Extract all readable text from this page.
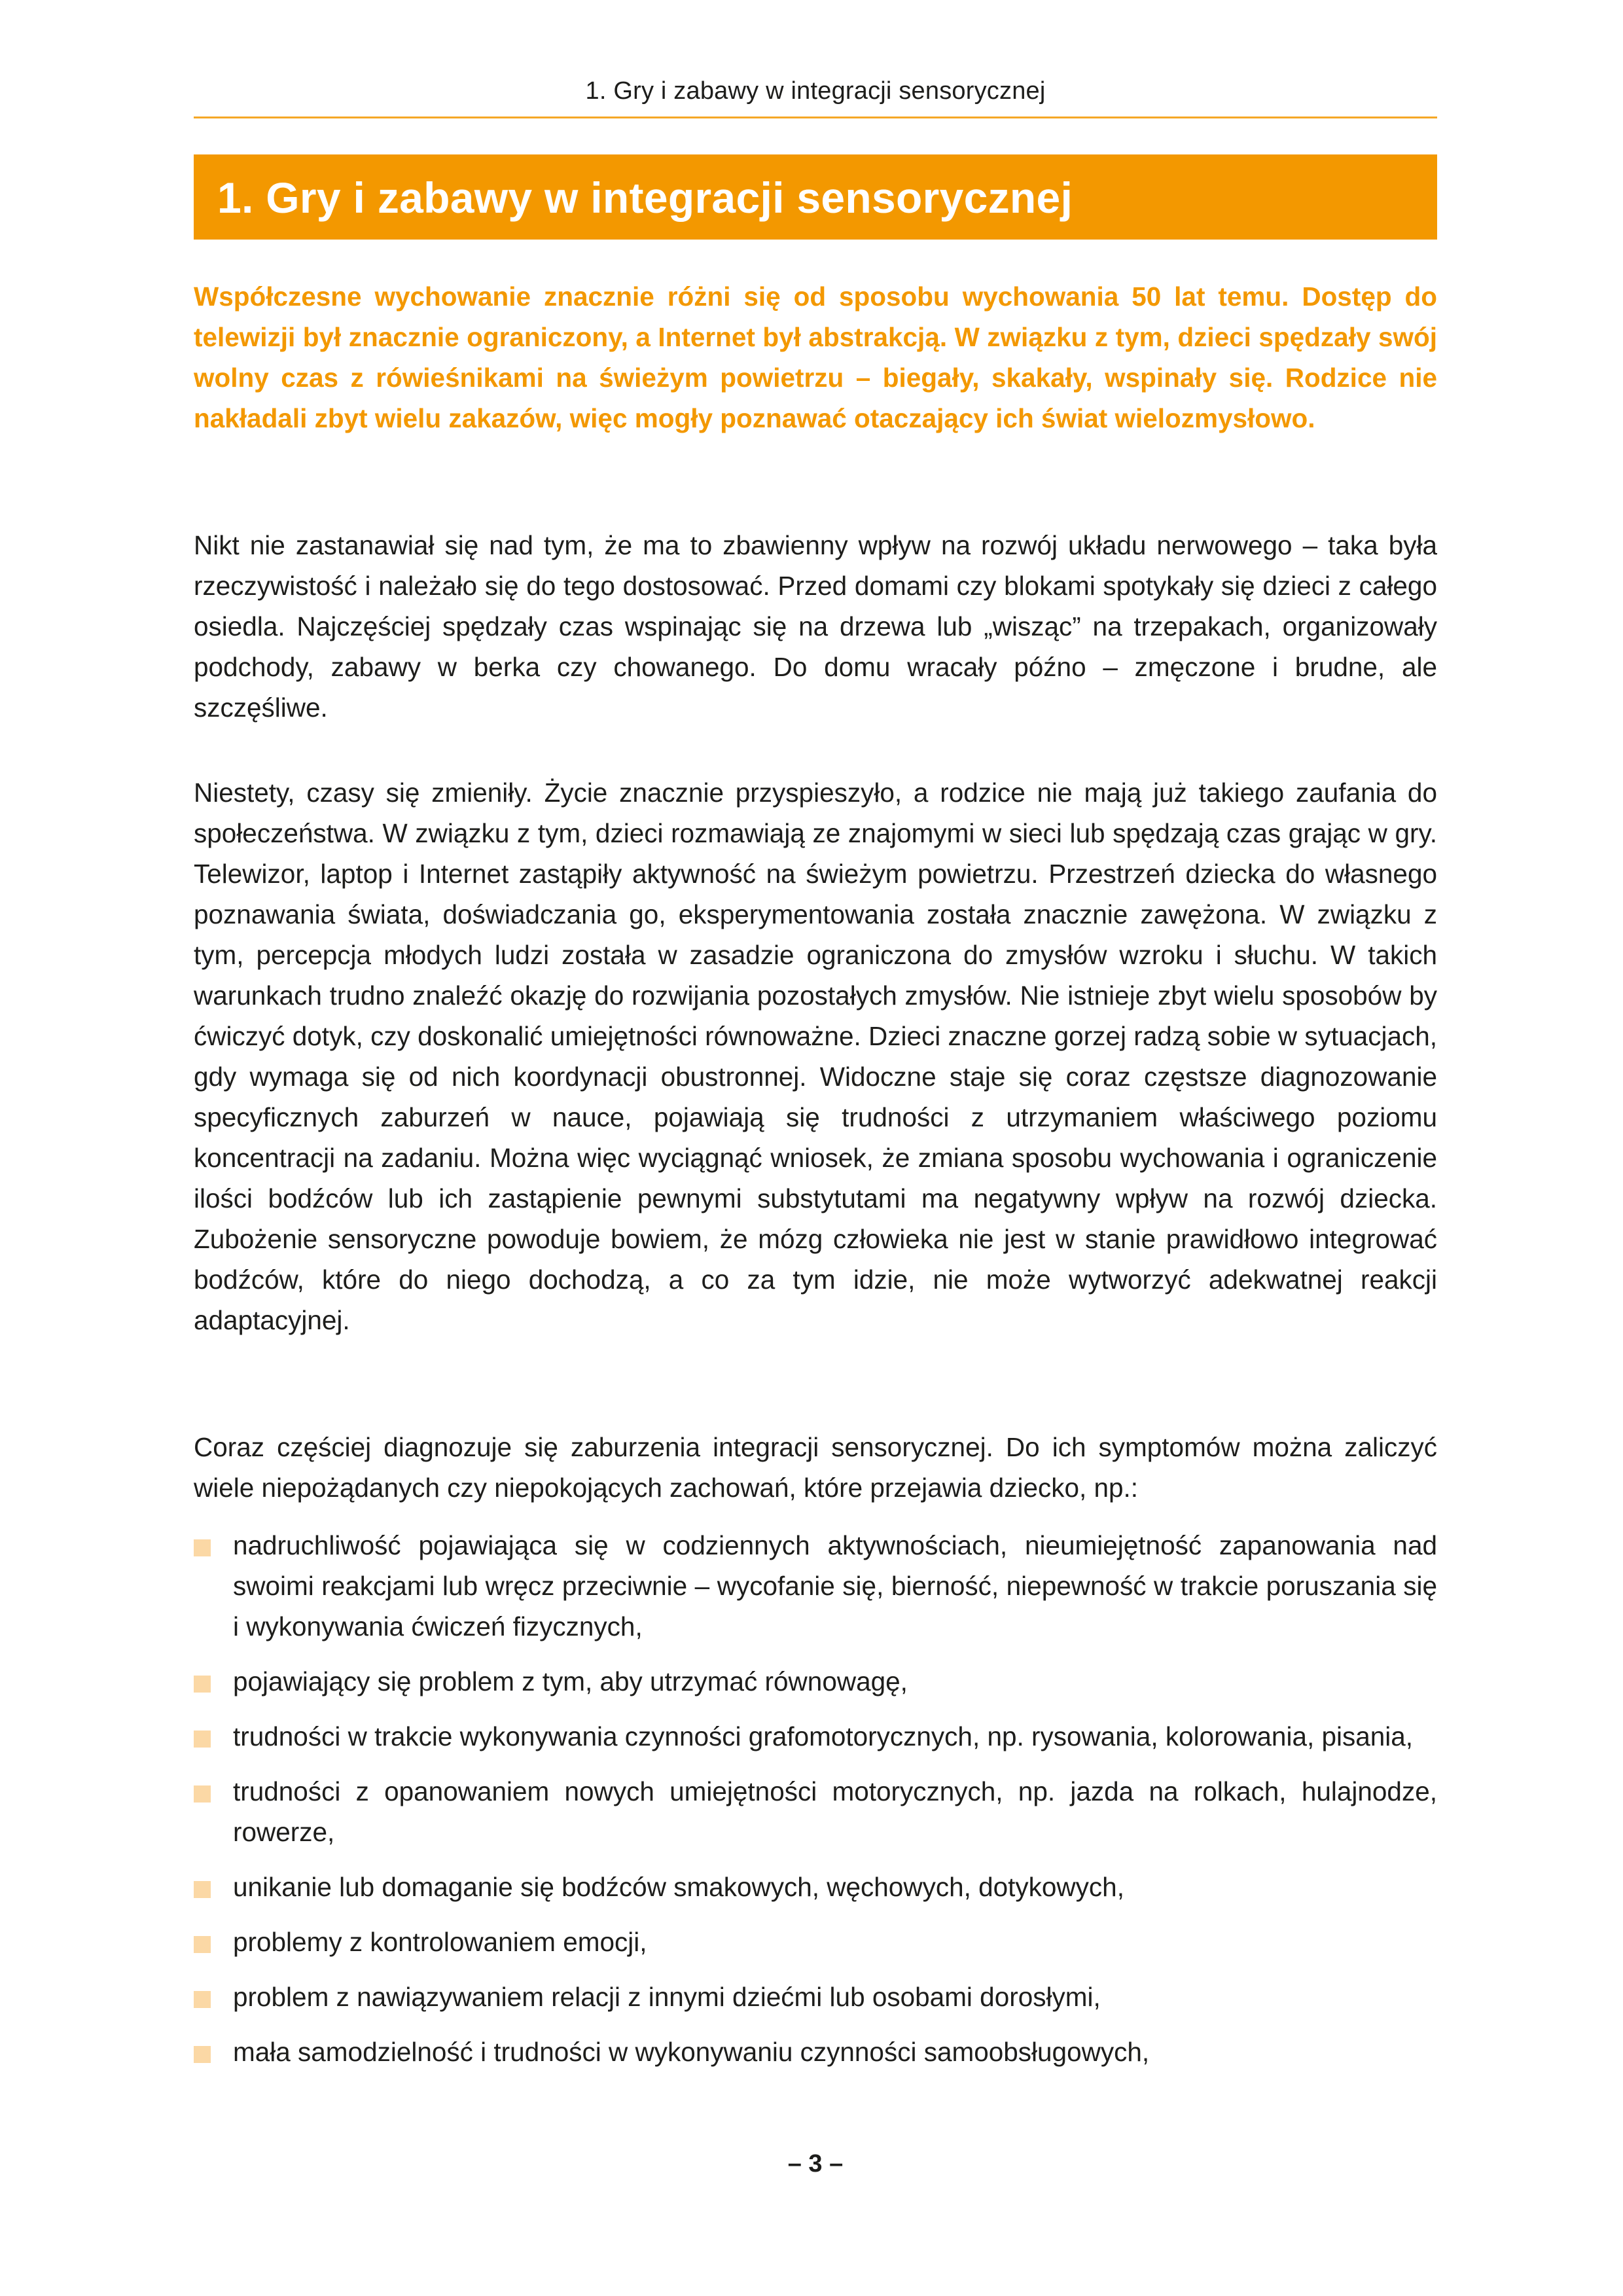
1. Gry i zabawy w integracji sensorycznej
1. Gry i zabawy w integracji sensorycznej

Współczesne wychowanie znacznie różni się od sposobu wychowania 50 lat temu. Dostęp do telewizji był znacznie ograniczony, a Internet był abstrakcją. W związku z tym, dzieci spędzały swój wolny czas z rówieśnikami na świeżym powietrzu – biegały, skakały, wspinały się. Rodzice nie nakładali zbyt wielu zakazów, więc mogły poznawać otaczający ich świat wielozmysłowo.

Nikt nie zastanawiał się nad tym, że ma to zbawienny wpływ na rozwój układu nerwowego – taka była rzeczywistość i należało się do tego dostosować. Przed domami czy blokami spotykały się dzieci z całego osiedla. Najczęściej spędzały czas wspinając się na drzewa lub „wisząc” na trzepakach, organizowały podchody, zabawy w berka czy chowanego. Do domu wracały późno – zmęczone i brudne, ale szczęśliwe.

Niestety, czasy się zmieniły. Życie znacznie przyspieszyło, a rodzice nie mają już takiego zaufania do społeczeństwa. W związku z tym, dzieci rozmawiają ze znajomymi w sieci lub spędzają czas grając w gry. Telewizor, laptop i Internet zastąpiły aktywność na świeżym powietrzu. Przestrzeń dziecka do własnego poznawania świata, doświadczania go, eksperymentowania została znacznie zawężona. W związku z tym, percepcja młodych ludzi została w zasadzie ograniczona do zmysłów wzroku i słuchu. W takich warunkach trudno znaleźć okazję do rozwijania pozostałych zmysłów. Nie istnieje zbyt wielu sposobów by ćwiczyć dotyk, czy doskonalić umiejętności równoważne. Dzieci znaczne gorzej radzą sobie w sytuacjach, gdy wymaga się od nich koordynacji obustronnej. Widoczne staje się coraz częstsze diagnozowanie specyficznych zaburzeń w nauce, pojawiają się trudności z utrzymaniem właściwego poziomu koncentracji na zadaniu. Można więc wyciągnąć wniosek, że zmiana sposobu wychowania i ograniczenie ilości bodźców lub ich zastąpienie pewnymi substytutami ma negatywny wpływ na rozwój dziecka. Zubożenie sensoryczne powoduje bowiem, że mózg człowieka nie jest w stanie prawidłowo integrować bodźców, które do niego dochodzą, a co za tym idzie, nie może wytworzyć adekwatnej reakcji adaptacyjnej.

Coraz częściej diagnozuje się zaburzenia integracji sensorycznej. Do ich symptomów można zaliczyć wiele niepożądanych czy niepokojących zachowań, które przejawia dziecko, np.:

nadruchliwość pojawiająca się w codziennych aktywnościach, nieumiejętność zapanowania nad swoimi reakcjami lub wręcz przeciwnie – wycofanie się, bierność, niepewność w trakcie poruszania się i wykonywania ćwiczeń fizycznych,
pojawiający się problem z tym, aby utrzymać równowagę,
trudności w trakcie wykonywania czynności grafomotorycznych, np. rysowania, kolorowania, pisania,
trudności z opanowaniem nowych umiejętności motorycznych, np. jazda na rolkach, hulajnodze, rowerze,
unikanie lub domaganie się bodźców smakowych, węchowych, dotykowych,
problemy z kontrolowaniem emocji,
problem z nawiązywaniem relacji z innymi dziećmi lub osobami dorosłymi,
mała samodzielność i trudności w wykonywaniu czynności samoobsługowych,
– 3 –
